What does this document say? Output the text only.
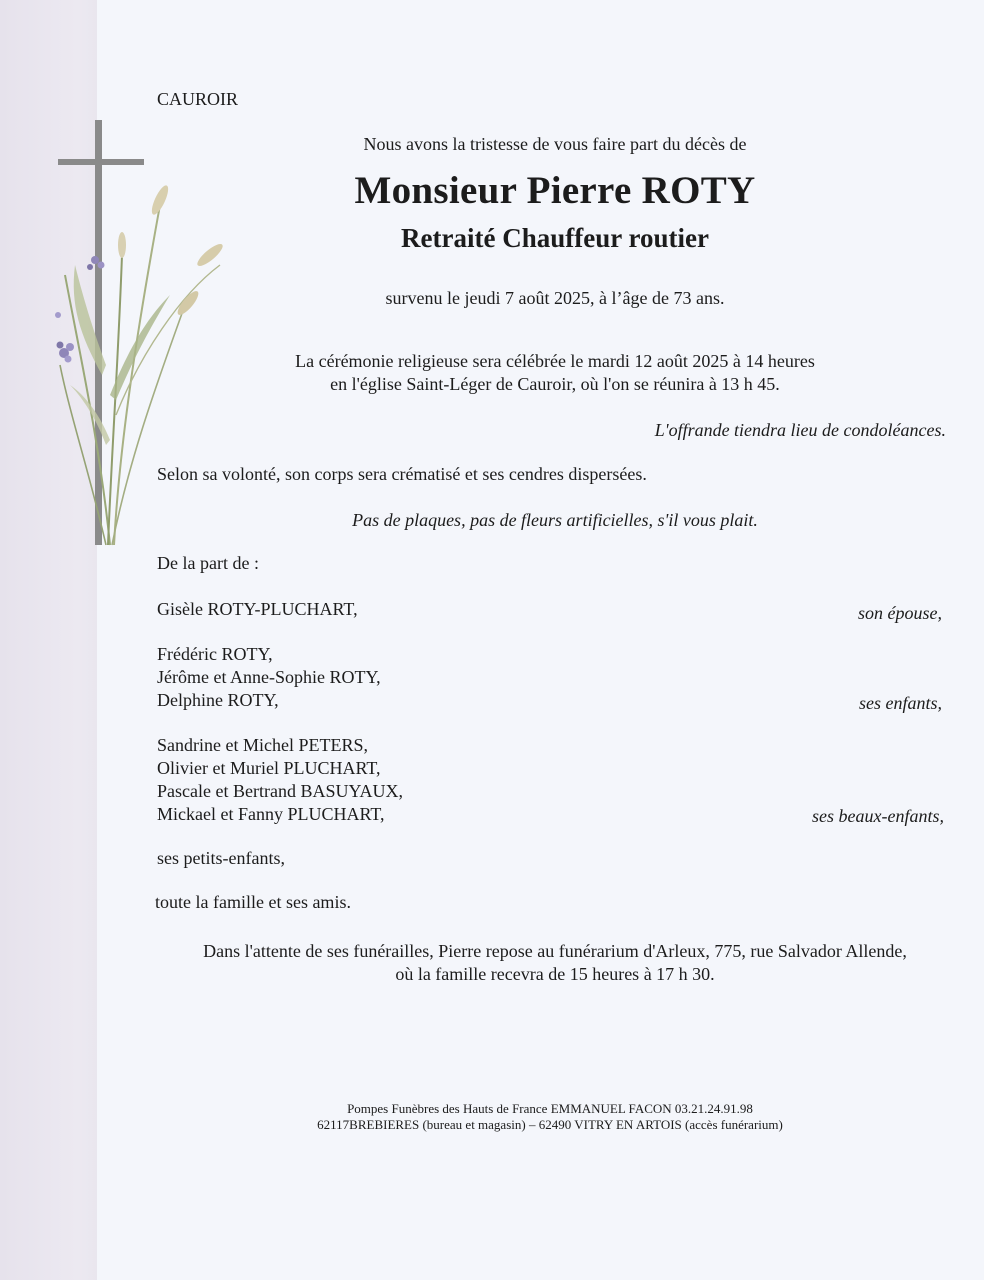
CAUROIR
Nous avons la tristesse de vous faire part du décès de
Monsieur Pierre ROTY
Retraité Chauffeur routier
survenu le jeudi 7 août 2025, à l’âge de 73 ans.
La cérémonie religieuse sera célébrée le mardi 12 août 2025 à 14 heures
en l'église Saint-Léger de Cauroir, où l'on se réunira à 13 h 45.
L'offrande tiendra lieu de condoléances.
Selon sa volonté, son corps sera crématisé et ses cendres dispersées.
Pas de plaques, pas de fleurs artificielles, s'il vous plait.
De la part de :
Gisèle ROTY-PLUCHART,	son épouse,
Frédéric ROTY,
Jérôme et Anne-Sophie ROTY,
Delphine ROTY,	ses enfants,
Sandrine et Michel PETERS,
Olivier et Muriel PLUCHART,
Pascale et Bertrand BASUYAUX,
Mickael et Fanny PLUCHART,	ses beaux-enfants,
ses petits-enfants,
toute la famille et ses amis.
Dans l'attente de ses funérailles, Pierre repose au funérarium d'Arleux, 775, rue Salvador Allende,
où la famille recevra de 15 heures à 17 h 30.
Pompes Funèbres des Hauts de France EMMANUEL FACON 03.21.24.91.98
62117BREBIERES (bureau et magasin) – 62490 VITRY EN ARTOIS (accès funérarium)
